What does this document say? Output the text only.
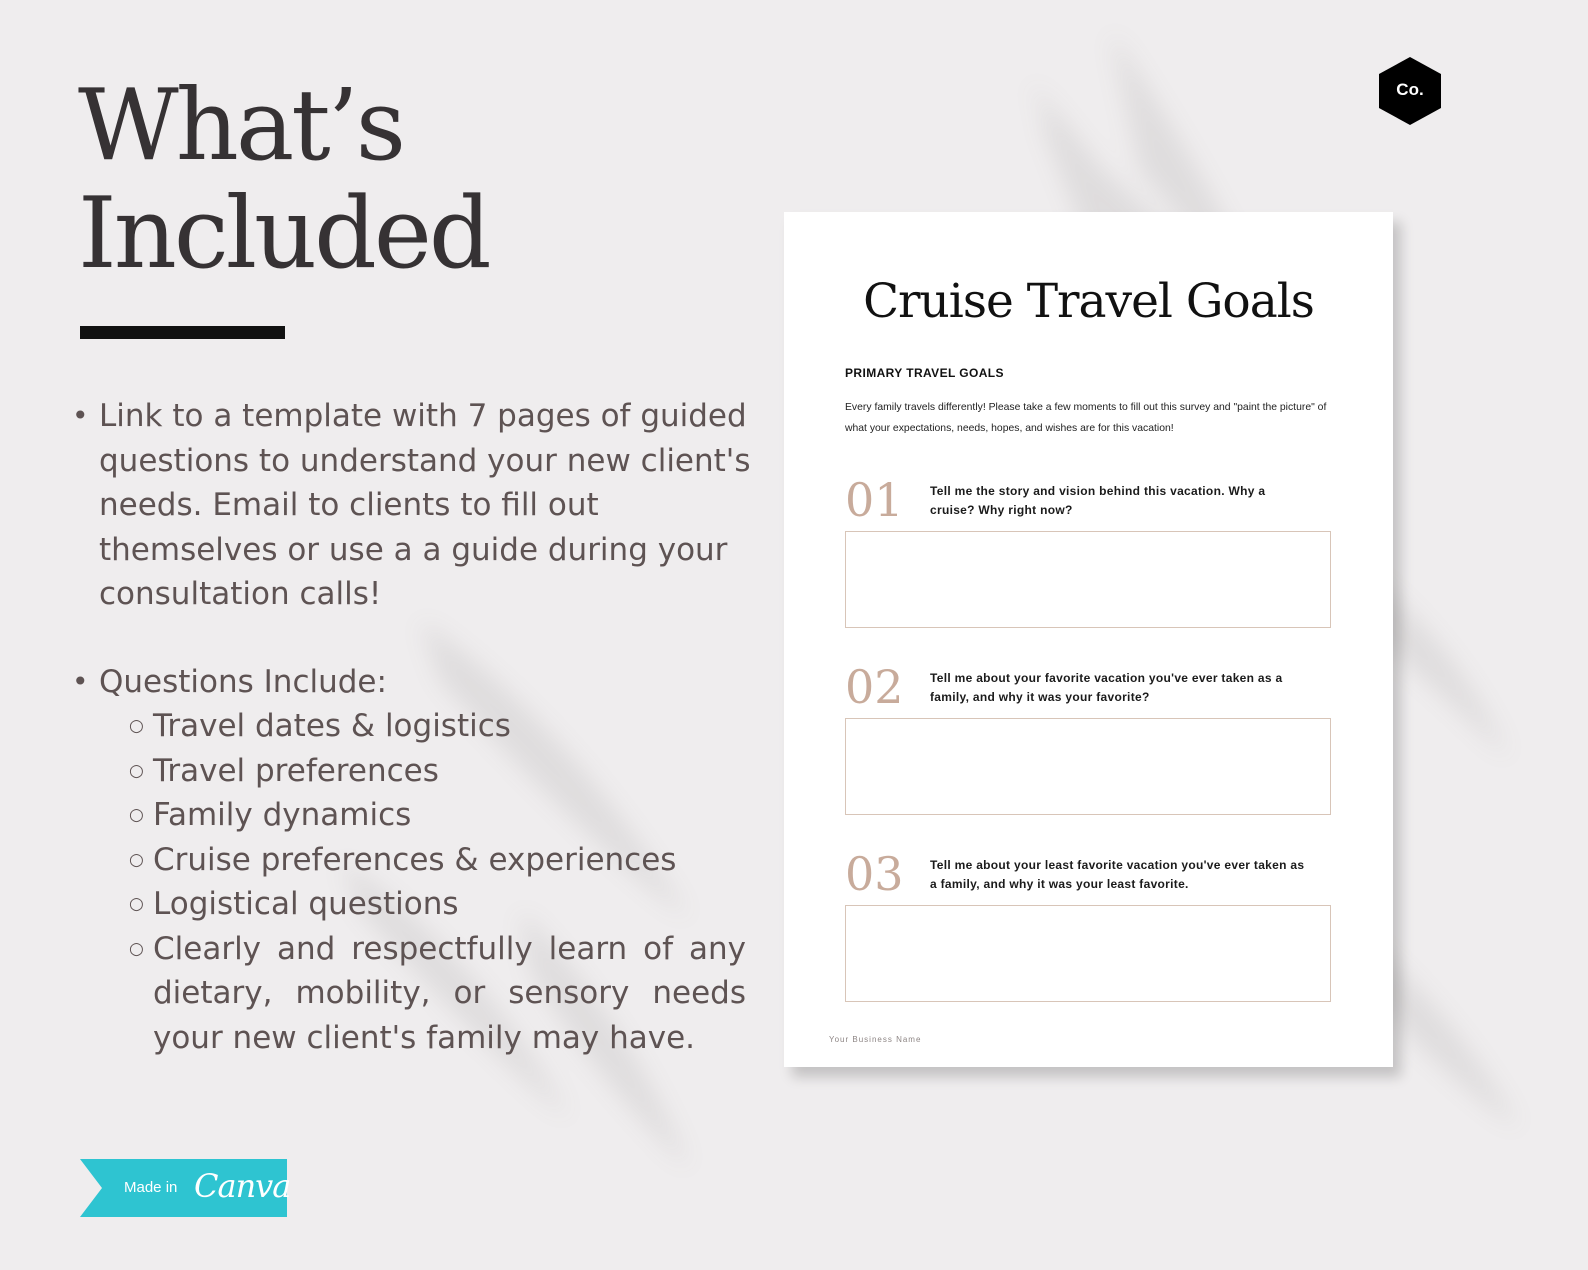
What’s
Included
• Link to a template with 7 pages of guided questions to understand your new client's needs. Email to clients to fill out themselves or use a a guide during your consultation calls!
• Questions Include:
○ Travel dates & logistics
○ Travel preferences
○ Family dynamics
○ Cruise preferences & experiences
○ Logistical questions
○ Clearly and respectfully learn of any dietary, mobility, or sensory needs your new client's family may have.
Co.
Cruise Travel Goals

PRIMARY TRAVEL GOALS

Every family travels differently! Please take a few moments to fill out this survey and "paint the picture" of what your expectations, needs, hopes, and wishes are for this vacation!

01 Tell me the story and vision behind this vacation. Why a cruise? Why right now?

02 Tell me about your favorite vacation you've ever taken as a family, and why it was your favorite?

03 Tell me about your least favorite vacation you've ever taken as a family, and why it was your least favorite.

Your Business Name

Made in Canva
